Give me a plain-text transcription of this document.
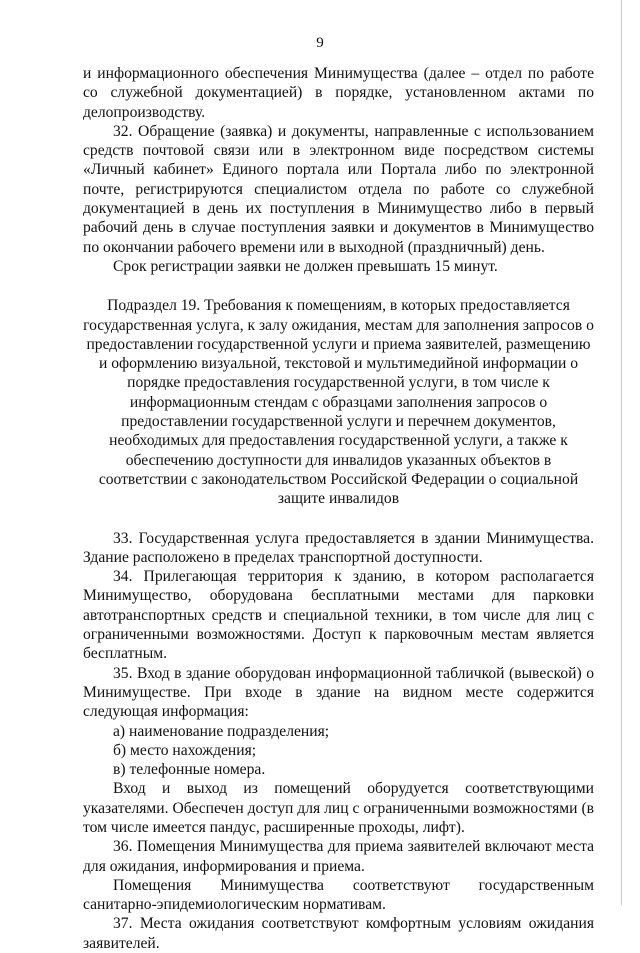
9

и информационного обеспечения Минимущества (далее – отдел по работе со служебной документацией) в порядке, установленном актами по делопроизводству.

32. Обращение (заявка) и документы, направленные с использованием средств почтовой связи или в электронном виде посредством системы «Личный кабинет» Единого портала или Портала либо по электронной почте, регистрируются специалистом отдела по работе со служебной документацией в день их поступления в Минимущество либо в первый рабочий день в случае поступления заявки и документов в Минимущество по окончании рабочего времени или в выходной (праздничный) день.

Срок регистрации заявки не должен превышать 15 минут.

Подраздел 19. Требования к помещениям, в которых предоставляется государственная услуга, к залу ожидания, местам для заполнения запросов о предоставлении государственной услуги и приема заявителей, размещению и оформлению визуальной, текстовой и мультимедийной информации о порядке предоставления государственной услуги, в том числе к информационным стендам с образцами заполнения запросов о предоставлении государственной услуги и перечнем документов, необходимых для предоставления государственной услуги, а также к обеспечению доступности для инвалидов указанных объектов в соответствии с законодательством Российской Федерации о социальной защите инвалидов

33. Государственная услуга предоставляется в здании Минимущества. Здание расположено в пределах транспортной доступности.

34. Прилегающая территория к зданию, в котором располагается Минимущество, оборудована бесплатными местами для парковки автотранспортных средств и специальной техники, в том числе для лиц с ограниченными возможностями. Доступ к парковочным местам является бесплатным.

35. Вход в здание оборудован информационной табличкой (вывеской) о Минимуществе. При входе в здание на видном месте содержится следующая информация:

а) наименование подразделения;

б) место нахождения;

в) телефонные номера.

Вход и выход из помещений оборудуется соответствующими указателями. Обеспечен доступ для лиц с ограниченными возможностями (в том числе имеется пандус, расширенные проходы, лифт).

36. Помещения Минимущества для приема заявителей включают места для ожидания, информирования и приема.

Помещения Минимущества соответствуют государственным санитарно-эпидемиологическим нормативам.

37. Места ожидания соответствуют комфортным условиям ожидания заявителей.
